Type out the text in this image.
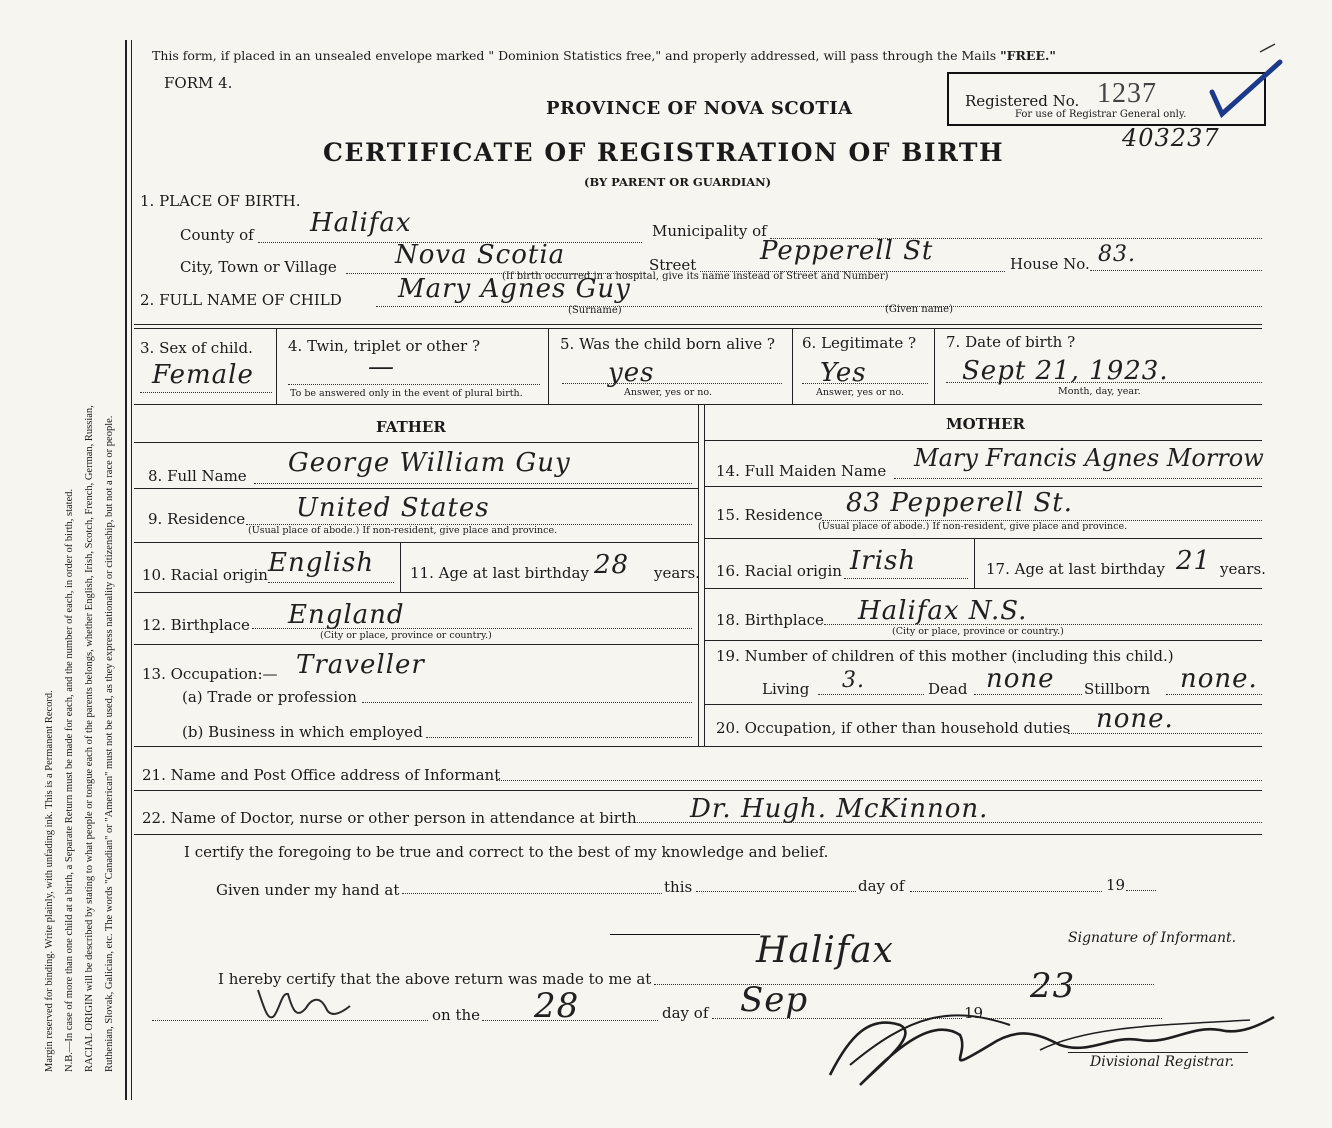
Margin reserved for binding. Write plainly, with unfading ink. This is a Permanent Record. N.B.—In case of more than one child at a birth, a Separate Return must be made for each, and the number of each, in order of birth, stated. RACIAL ORIGIN will be described by stating to what people or tongue each of the parents belongs, whether English, Irish, Scotch, French, German, Russian, Ruthenian, Slovak, Galician, etc. The words "Canadian" or "American" must not be used, as they express nationality or citizenship, but not a race or people.
This form, if placed in an unsealed envelope marked " Dominion Statistics free," and properly addressed, will pass through the Mails "FREE."
FORM 4.
Registered No. 1237
For use of Registrar General only.
PROVINCE OF NOVA SCOTIA
CERTIFICATE OF REGISTRATION OF BIRTH	403237
(BY PARENT OR GUARDIAN)
1. PLACE OF BIRTH.
County of Halifax	Municipality of
City, Town or Village Nova Scotia	Street Pepperell St	House No. 83.
(If birth occurred in a hospital, give its name instead of Street and Number)
2. FULL NAME OF CHILD Mary Agnes Guy
(Surname)	(Given name)
3. Sex of child.
Female
4. Twin, triplet or other ?
—
To be answered only in the event of plural birth.
5. Was the child born alive ?
yes
Answer, yes or no.
6. Legitimate ?
Yes
Answer, yes or no.
7. Date of birth ?
Sept 21, 1923.
Month, day, year.
FATHER	MOTHER
8. Full Name George William Guy
9. Residence United States
(Usual place of abode.) If non-resident, give place and province.
10. Racial origin English 11. Age at last birthday 28 years.
12. Birthplace England
(City or place, province or country.)
13. Occupation:— Traveller
(a) Trade or profession
(b) Business in which employed
14. Full Maiden Name Mary Francis Agnes Morrow
15. Residence 83 Pepperell St.
(Usual place of abode.) If non-resident, give place and province.
16. Racial origin Irish	17. Age at last birthday 21 years.
18. Birthplace Halifax N.S.
(City or place, province or country.)
19. Number of children of this mother (including this child.)
Living 3.	Dead none Stillborn none.
20. Occupation, if other than household duties none.
21. Name and Post Office address of Informant
22. Name of Doctor, nurse or other person in attendance at birth Dr. Hugh. McKinnon.
I certify the foregoing to be true and correct to the best of my knowledge and belief.
Given under my hand at	this	day of	19
Signature of Informant.
I hereby certify that the above return was made to me at
Halifax
on the 28	day of Sep	19
23
Divisional Registrar.
